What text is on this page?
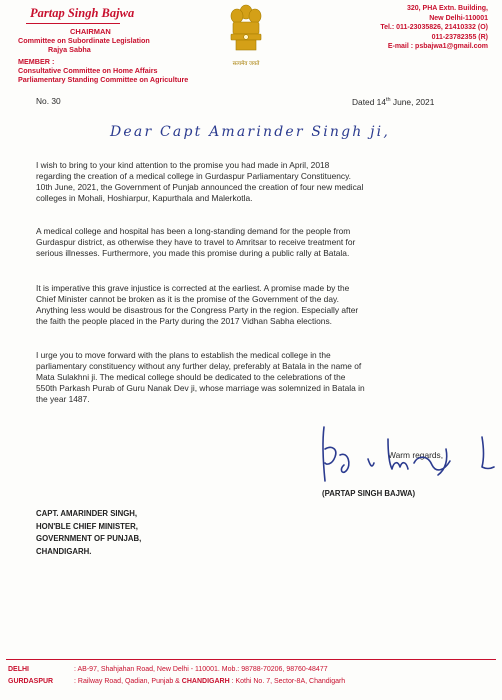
Partap Singh Bajwa
CHAIRMAN
Committee on Subordinate Legislation
Rajya Sabha
MEMBER :
Consultative Committee on Home Affairs
Parliamentary Standing Committee on Agriculture
सत्यमेव जयते
320, PHA Extn. Building,
New Delhi-110001
Tel.: 011-23035826, 21410332 (O)
011-23782355 (R)
E-mail : psbajwa1@gmail.com
No. 30	Dated 14th June, 2021
Dear Capt Amarinder Singh ji,
I wish to bring to your kind attention to the promise you had made in April, 2018
regarding the creation of a medical college in Gurdaspur Parliamentary Constituency.
10th June, 2021, the Government of Punjab announced the creation of four new medical
colleges in Mohali, Hoshiarpur, Kapurthala and Malerkotla.
A medical college and hospital has been a long-standing demand for the people from
Gurdaspur district, as otherwise they have to travel to Amritsar to receive treatment for
serious illnesses. Furthermore, you made this promise during a public rally at Batala.
It is imperative this grave injustice is corrected at the earliest. A promise made by the
Chief Minister cannot be broken as it is the promise of the Government of the day.
Anything less would be disastrous for the Congress Party in the region. Especially after
the faith the people placed in the Party during the 2017 Vidhan Sabha elections.
I urge you to move forward with the plans to establish the medical college in the
parliamentary constituency without any further delay, preferably at Batala in the name of
Mata Sulakhni ji. The medical college should be dedicated to the celebrations of the
550th Parkash Purab of Guru Nanak Dev ji, whose marriage was solemnized in Batala in
the year 1487.
Warm regards,
(PARTAP SINGH BAJWA)
CAPT. AMARINDER SINGH,
HON'BLE CHIEF MINISTER,
GOVERNMENT OF PUNJAB,
CHANDIGARH.
DELHI	: AB-97, Shahjahan Road, New Delhi - 110001. Mob.: 98788-70206, 98760-48477
GURDASPUR	: Railway Road, Qadian, Punjab & CHANDIGARH : Kothi No. 7, Sector-8A, Chandigarh
